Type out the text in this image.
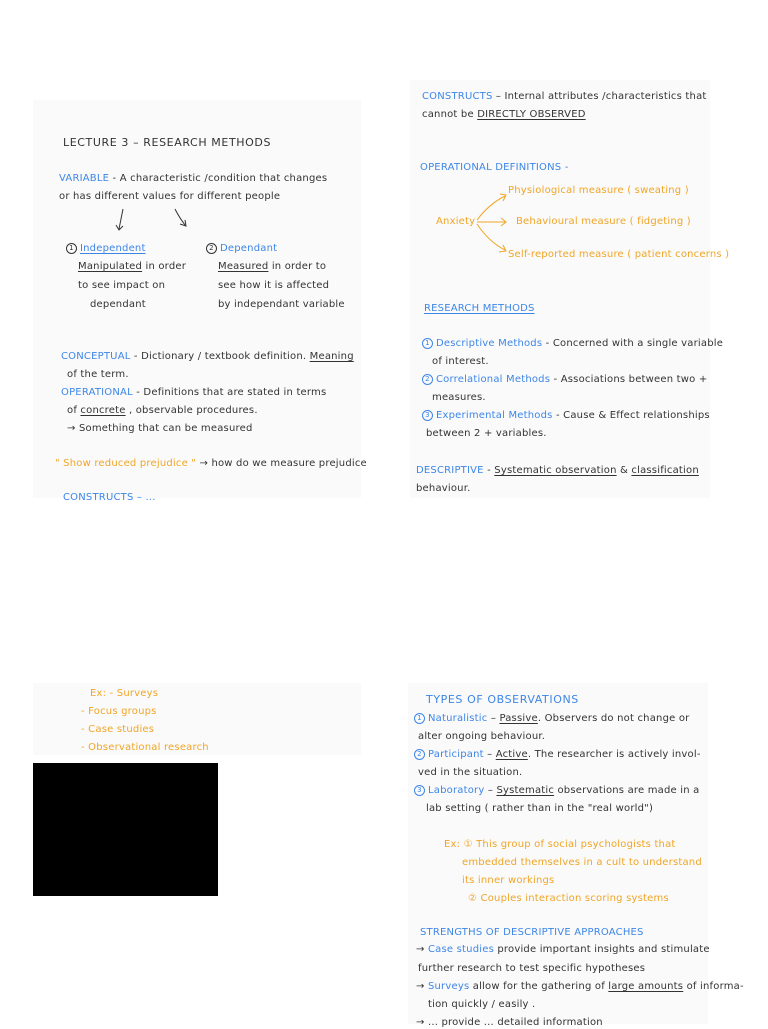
LECTURE 3 – RESEARCH METHODS
VARIABLE - A characteristic /condition that changes
or has different values for different people
1 Independent
Manipulated in order
to see impact on
dependant
2 Dependant
Measured in order to
see how it is affected
by independant variable
CONCEPTUAL - Dictionary / textbook definition. Meaning
of the term.
OPERATIONAL - Definitions that are stated in terms
of concrete , observable procedures.
→ Something that can be measured
" Show reduced prejudice " → how do we measure prejudice
CONSTRUCTS – ...
CONSTRUCTS – Internal attributes /characteristics that
cannot be DIRECTLY OBSERVED
OPERATIONAL DEFINITIONS -
Anxiety
Physiological measure ( sweating )
Behavioural measure ( fidgeting )
Self-reported measure ( patient concerns )
RESEARCH METHODS
1 Descriptive Methods - Concerned with a single variable
of interest.
2 Correlational Methods - Associations between two +
measures.
3 Experimental Methods - Cause & Effect relationships
between 2 + variables.
DESCRIPTIVE - Systematic observation & classification
behaviour.
Ex: - Surveys
- Focus groups
- Case studies
- Observational research
TYPES OF OBSERVATIONS
1 Naturalistic – Passive. Observers do not change or
alter ongoing behaviour.
2 Participant – Active. The researcher is actively invol-
ved in the situation.
3 Laboratory – Systematic observations are made in a
lab setting ( rather than in the "real world")
Ex: ① This group of social psychologists that
embedded themselves in a cult to understand
its inner workings
② Couples interaction scoring systems
STRENGTHS OF DESCRIPTIVE APPROACHES
→ Case studies provide important insights and stimulate
further research to test specific hypotheses
→ Surveys allow for the gathering of large amounts of informa-
tion quickly / easily .
→ ... provide ... detailed information
